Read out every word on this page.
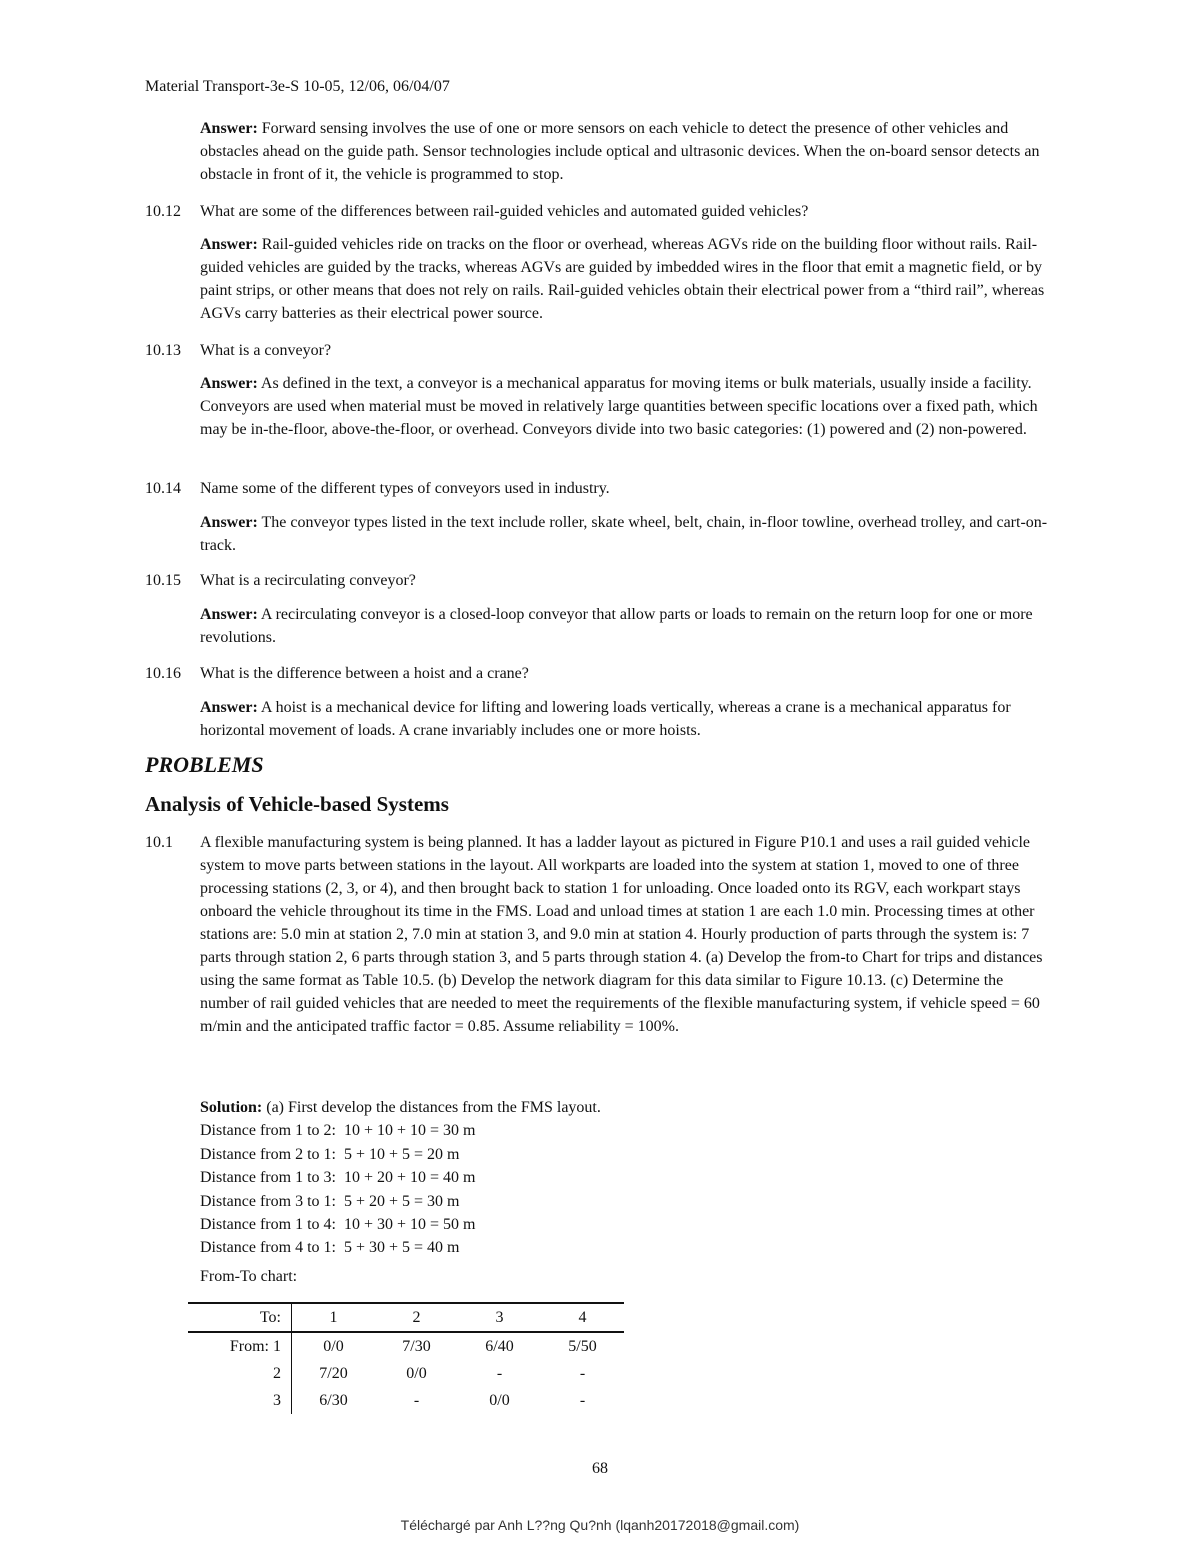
Material Transport-3e-S 10-05, 12/06, 06/04/07

Answer: Forward sensing involves the use of one or more sensors on each vehicle to detect the presence of other vehicles and obstacles ahead on the guide path. Sensor technologies include optical and ultrasonic devices. When the on-board sensor detects an obstacle in front of it, the vehicle is programmed to stop.

10.12	What are some of the differences between rail-guided vehicles and automated guided vehicles?

Answer: Rail-guided vehicles ride on tracks on the floor or overhead, whereas AGVs ride on the building floor without rails. Rail-guided vehicles are guided by the tracks, whereas AGVs are guided by imbedded wires in the floor that emit a magnetic field, or by paint strips, or other means that does not rely on rails. Rail-guided vehicles obtain their electrical power from a “third rail”, whereas AGVs carry batteries as their electrical power source.

10.13	What is a conveyor?

Answer: As defined in the text, a conveyor is a mechanical apparatus for moving items or bulk materials, usually inside a facility. Conveyors are used when material must be moved in relatively large quantities between specific locations over a fixed path, which may be in-the-floor, above-the-floor, or overhead. Conveyors divide into two basic categories: (1) powered and (2) non-powered.

10.14	Name some of the different types of conveyors used in industry.

Answer: The conveyor types listed in the text include roller, skate wheel, belt, chain, in-floor towline, overhead trolley, and cart-on-track.

10.15	What is a recirculating conveyor?

Answer: A recirculating conveyor is a closed-loop conveyor that allow parts or loads to remain on the return loop for one or more revolutions.

10.16	What is the difference between a hoist and a crane?

Answer: A hoist is a mechanical device for lifting and lowering loads vertically, whereas a crane is a mechanical apparatus for horizontal movement of loads. A crane invariably includes one or more hoists.

PROBLEMS
Analysis of Vehicle-based Systems
10.1	A flexible manufacturing system is being planned. It has a ladder layout as pictured in Figure P10.1 and uses a rail guided vehicle system to move parts between stations in the layout. All workparts are loaded into the system at station 1, moved to one of three processing stations (2, 3, or 4), and then brought back to station 1 for unloading. Once loaded onto its RGV, each workpart stays onboard the vehicle throughout its time in the FMS. Load and unload times at station 1 are each 1.0 min. Processing times at other stations are: 5.0 min at station 2, 7.0 min at station 3, and 9.0 min at station 4. Hourly production of parts through the system is: 7 parts through station 2, 6 parts through station 3, and 5 parts through station 4. (a) Develop the from-to Chart for trips and distances using the same format as Table 10.5. (b) Develop the network diagram for this data similar to Figure 10.13. (c) Determine the number of rail guided vehicles that are needed to meet the requirements of the flexible manufacturing system, if vehicle speed = 60 m/min and the anticipated traffic factor = 0.85. Assume reliability = 100%.
Solution: (a) First develop the distances from the FMS layout.
Distance from 1 to 2:  10 + 10 + 10 = 30 m
Distance from 2 to 1:  5 + 10 + 5 = 20 m
Distance from 1 to 3:  10 + 20 + 10 = 40 m
Distance from 3 to 1:  5 + 20 + 5 = 30 m
Distance from 1 to 4:  10 + 30 + 10 = 50 m
Distance from 4 to 1:  5 + 30 + 5 = 40 m
From-To chart:
To:	1	2	3	4
From: 1	0/0	7/30	6/40	5/50
2	7/20	0/0	-	-
3	6/30	-	0/0	-
68
Téléchargé par Anh L??ng Qu?nh (lqanh20172018@gmail.com)
